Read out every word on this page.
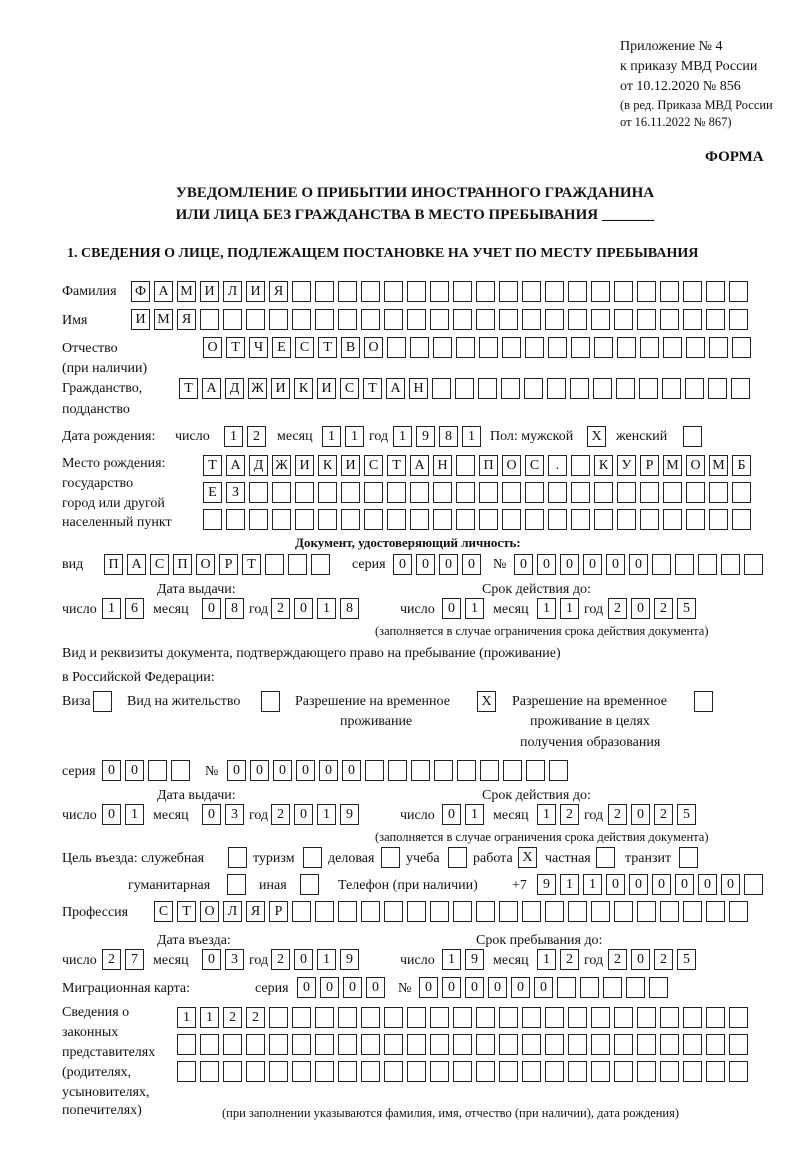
Приложение № 4
к приказу МВД России
от 10.12.2020 № 856
(в ред. Приказа МВД России
от 16.11.2022 № 867)
ФОРМА
УВЕДОМЛЕНИЕ О ПРИБЫТИИ ИНОСТРАННОГО ГРАЖДАНИНА
ИЛИ ЛИЦА БЕЗ ГРАЖДАНСТВА В МЕСТО ПРЕБЫВАНИЯ _______
1. СВЕДЕНИЯ О ЛИЦЕ, ПОДЛЕЖАЩЕМ ПОСТАНОВКЕ НА УЧЕТ ПО МЕСТУ ПРЕБЫВАНИЯ
Фамилия Ф А М И Л И Я
Имя	И М Я
Отчество
(при наличии)
О Т	Ч	Е	С	Т	В О
Гражданство,
подданство
Т А Д Ж И К И С	Т А Н
Дата рождения: число	1	2	месяц	1	1 год 1	9	8	1	Пол: мужской	X	женский
Место рождения:
государство
город или другой
населенный пункт
Т А Д Ж И К И С	Т А Н	П О С	.	К У	Р М О М Б
Е	З
Документ, удостоверяющий личность:
вид	П А С П О	Р	Т	серия 0	0	0	0	№ 0	0	0	0	0	0
Дата выдачи:	Срок действия до:
число 1	6	месяц	0	8 год 2	0	1	8	число 0	1	месяц	1	1 год 2	0	2	5
(заполняется в случае ограничения срока действия документа)
Вид и реквизиты документа, подтверждающего право на пребывание (проживание)
в Российской Федерации:
Виза	Вид на жительство	Разрешение на временное
проживание
X	Разрешение на временное
проживание в целях
получения образования
серия 0	0	№	0	0	0	0	0	0
Дата выдачи:	Срок действия до:
число 0	1	месяц	0	3 год 2	0	1	9	число 0	1	месяц	1	2 год 2	0	2	5
(заполняется в случае ограничения срока действия документа)
Цель въезда: служебная	туризм деловая учеба работа X частная транзит
гуманитарная	иная	Телефон (при наличии) +7	9	1	1	0	0	0	0	0	0
Профессия	С	Т О Л Я	Р
Дата въезда:	Срок пребывания до:
число 2	7	месяц	0	3 год 2	0	1	9	число 1	9	месяц	1	2 год 2	0	2	5
Миграционная карта:	серия	0	0	0	0	№ 0	0	0	0	0	0
Сведения о
законных
представителях
(родителях,
усыновителях,
попечителях)
1	1	2	2
(при заполнении указываются фамилия, имя, отчество (при наличии), дата рождения)
